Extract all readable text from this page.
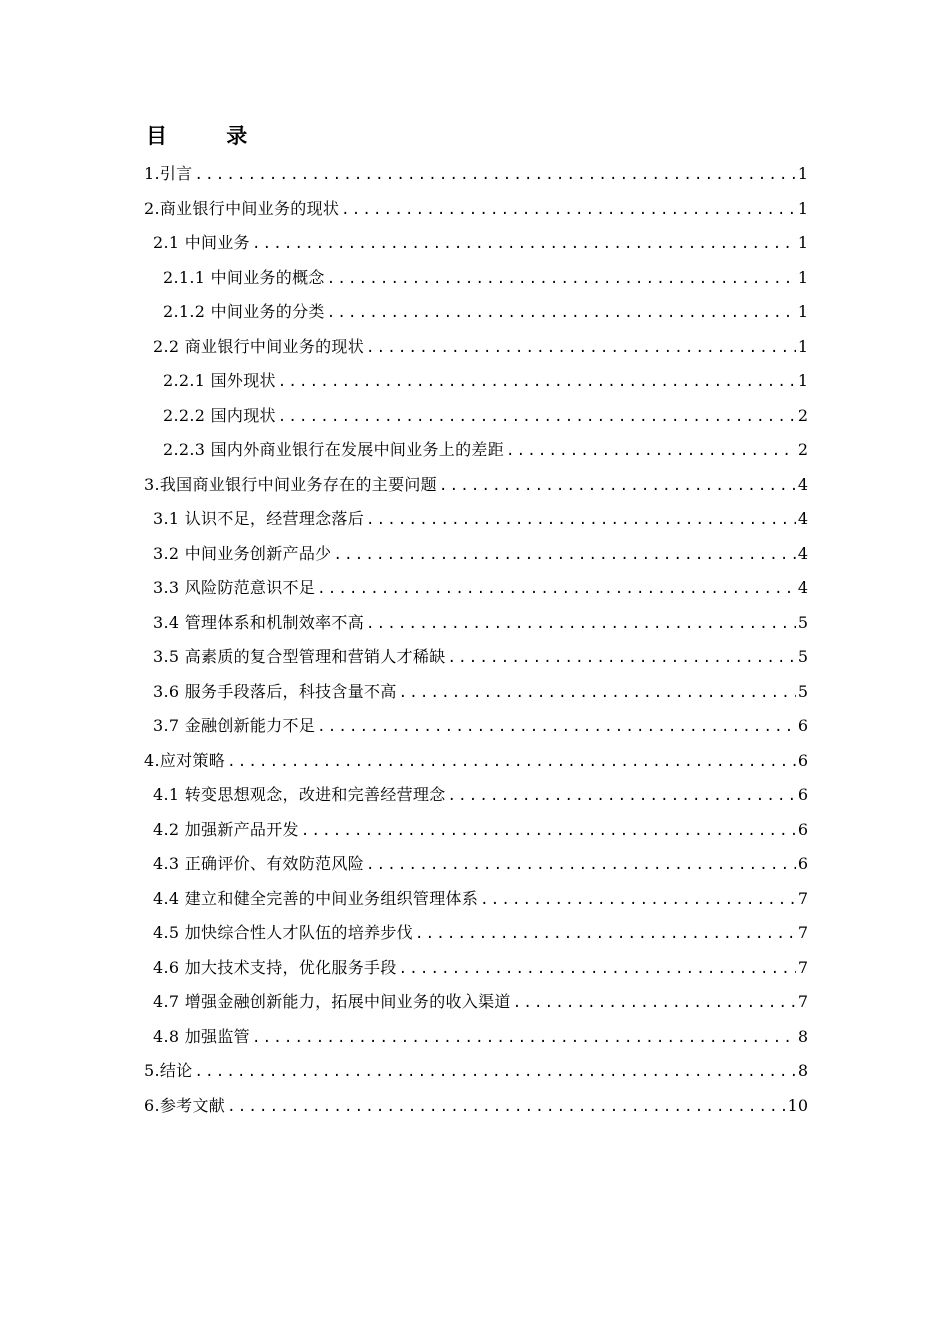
目 录
1.引言 .....	1
2.商业银行中间业务的现状 .....	1
2.1 中间业务 .....	1
2.1.1 中间业务的概念 .....	1
2.1.2 中间业务的分类 .....	1
2.2 商业银行中间业务的现状 .....	1
2.2.1 国外现状 .....	1
2.2.2 国内现状 .....	2
2.2.3 国内外商业银行在发展中间业务上的差距 .....	2
3.我国商业银行中间业务存在的主要问题 .....	4
3.1 认识不足，经营理念落后 .....	4
3.2 中间业务创新产品少 .....	4
3.3 风险防范意识不足 .....	4
3.4 管理体系和机制效率不高 .....	5
3.5 高素质的复合型管理和营销人才稀缺 .....	5
3.6 服务手段落后，科技含量不高 .....	5
3.7 金融创新能力不足 .....	6
4.应对策略 .....	6
4.1 转变思想观念，改进和完善经营理念 .....	6
4.2 加强新产品开发 .....	6
4.3 正确评价、有效防范风险 .....	6
4.4 建立和健全完善的中间业务组织管理体系 .....	7
4.5 加快综合性人才队伍的培养步伐 .....	7
4.6 加大技术支持，优化服务手段 .....	7
4.7 增强金融创新能力，拓展中间业务的收入渠道 .....	7
4.8 加强监管 .....	8
5.结论 .....	8
6.参考文献 .....	10
